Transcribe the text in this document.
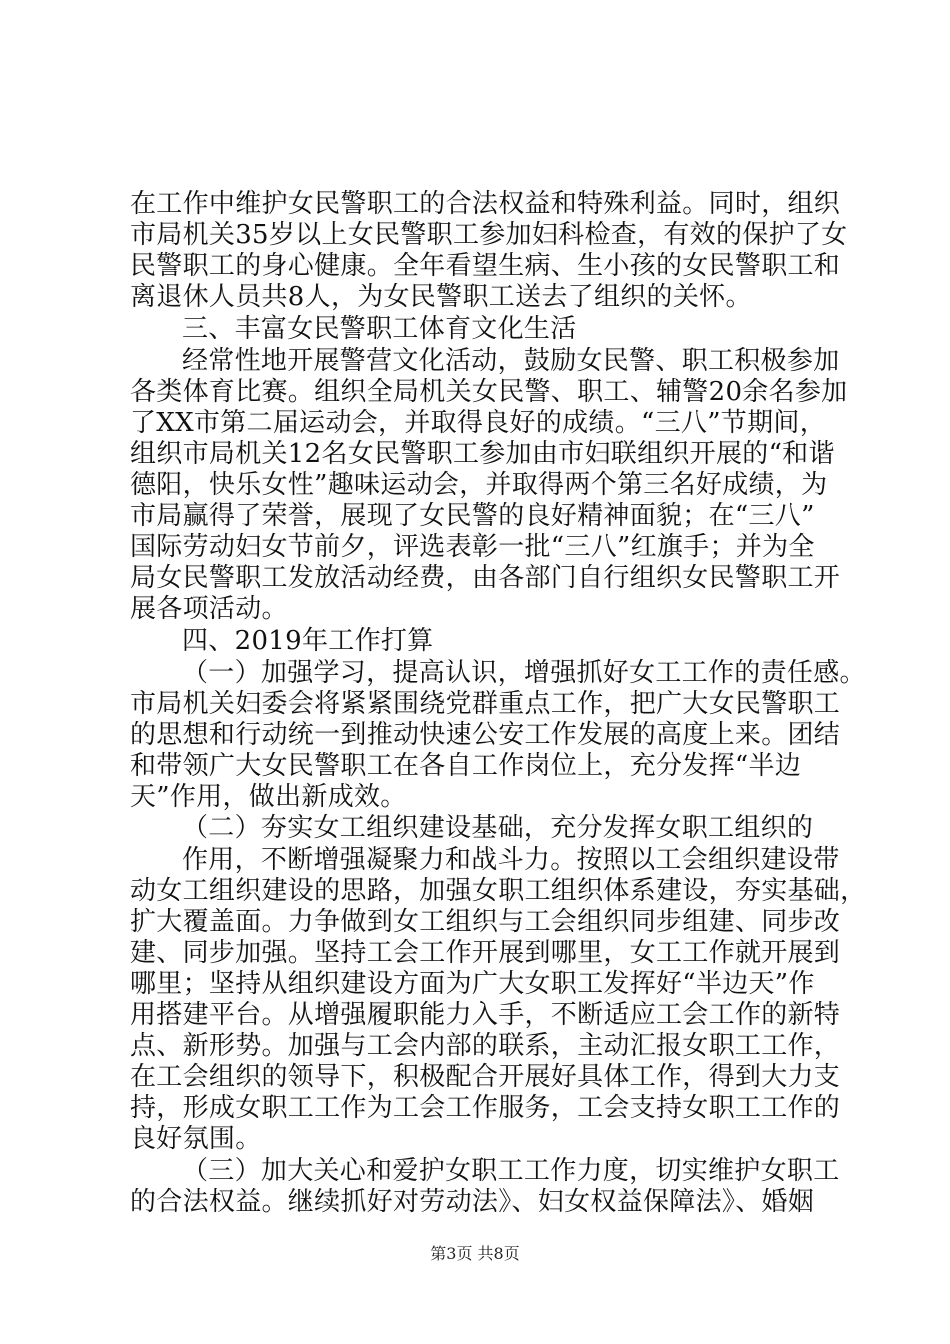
在工作中维护女民警职工的合法权益和特殊利益。同时，组织
市局机关35岁以上女民警职工参加妇科检查，有效的保护了女
民警职工的身心健康。全年看望生病、生小孩的女民警职工和
离退休人员共8人，为女民警职工送去了组织的关怀。
三、丰富女民警职工体育文化生活
经常性地开展警营文化活动，鼓励女民警、职工积极参加
各类体育比赛。组织全局机关女民警、职工、辅警20余名参加
了XX市第二届运动会，并取得良好的成绩。“三八”节期间，
组织市局机关12名女民警职工参加由市妇联组织开展的“和谐
德阳，快乐女性”趣味运动会，并取得两个第三名好成绩，为
市局赢得了荣誉，展现了女民警的良好精神面貌；在“三八”
国际劳动妇女节前夕，评选表彰一批“三八”红旗手；并为全
局女民警职工发放活动经费，由各部门自行组织女民警职工开
展各项活动。
四、2019年工作打算
（一）加强学习，提高认识，增强抓好女工工作的责任感。
市局机关妇委会将紧紧围绕党群重点工作，把广大女民警职工
的思想和行动统一到推动快速公安工作发展的高度上来。团结
和带领广大女民警职工在各自工作岗位上，充分发挥“半边
天”作用，做出新成效。
（二）夯实女工组织建设基础，充分发挥女职工组织的
作用，不断增强凝聚力和战斗力。按照以工会组织建设带
动女工组织建设的思路，加强女职工组织体系建设，夯实基础，
扩大覆盖面。力争做到女工组织与工会组织同步组建、同步改
建、同步加强。坚持工会工作开展到哪里，女工工作就开展到
哪里；坚持从组织建设方面为广大女职工发挥好“半边天”作
用搭建平台。从增强履职能力入手，不断适应工会工作的新特
点、新形势。加强与工会内部的联系，主动汇报女职工工作，
在工会组织的领导下，积极配合开展好具体工作，得到大力支
持，形成女职工工作为工会工作服务，工会支持女职工工作的
良好氛围。
（三）加大关心和爱护女职工工作力度，切实维护女职工
的合法权益。继续抓好对劳动法》、妇女权益保障法》、婚姻
第3页 共8页
